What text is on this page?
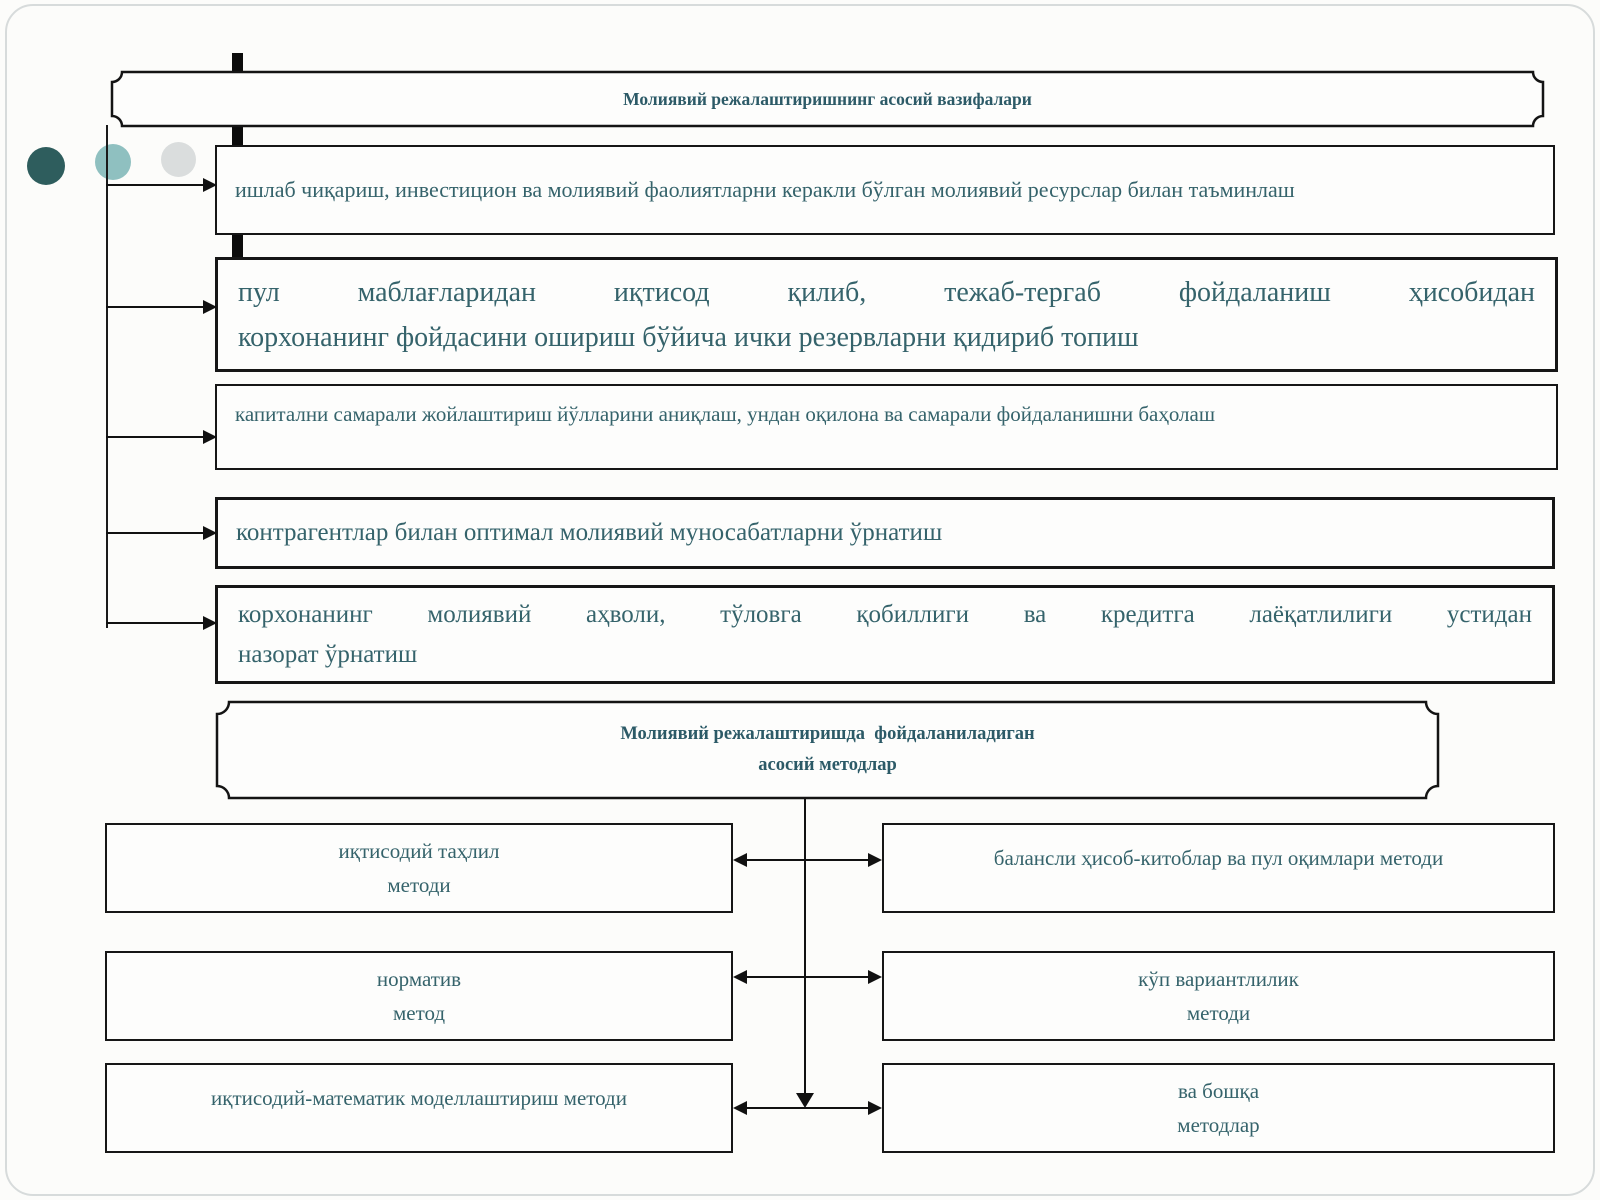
Молиявий режалаштиришнинг асосий вазифалари
ишлаб чиқариш, инвестицион ва молиявий фаолиятларни керакли бўлган молиявий ресурслар билан таъминлаш
пул маблағларидан иқтисод қилиб, тежаб-тергаб фойдаланиш ҳисобидан
корхонанинг фойдасини ошириш бўйича ички резервларни қидириб топиш
капитални самарали жойлаштириш йўлларини аниқлаш, ундан оқилона ва самарали фойдаланишни баҳолаш
контрагентлар билан оптимал молиявий муносабатларни ўрнатиш
корхонанинг молиявий аҳволи, тўловга қобиллиги ва кредитга лаёқатлилиги устидан
назорат ўрнатиш
Молиявий режалаштиришда  фойдаланиладиган
асосий методлар
иқтисодий таҳлил
методи
норматив
метод
иқтисодий-математик моделлаштириш методи
балансли ҳисоб-китоблар ва пул оқимлари методи
кўп вариантлилик
методи
ва бошқа
методлар
